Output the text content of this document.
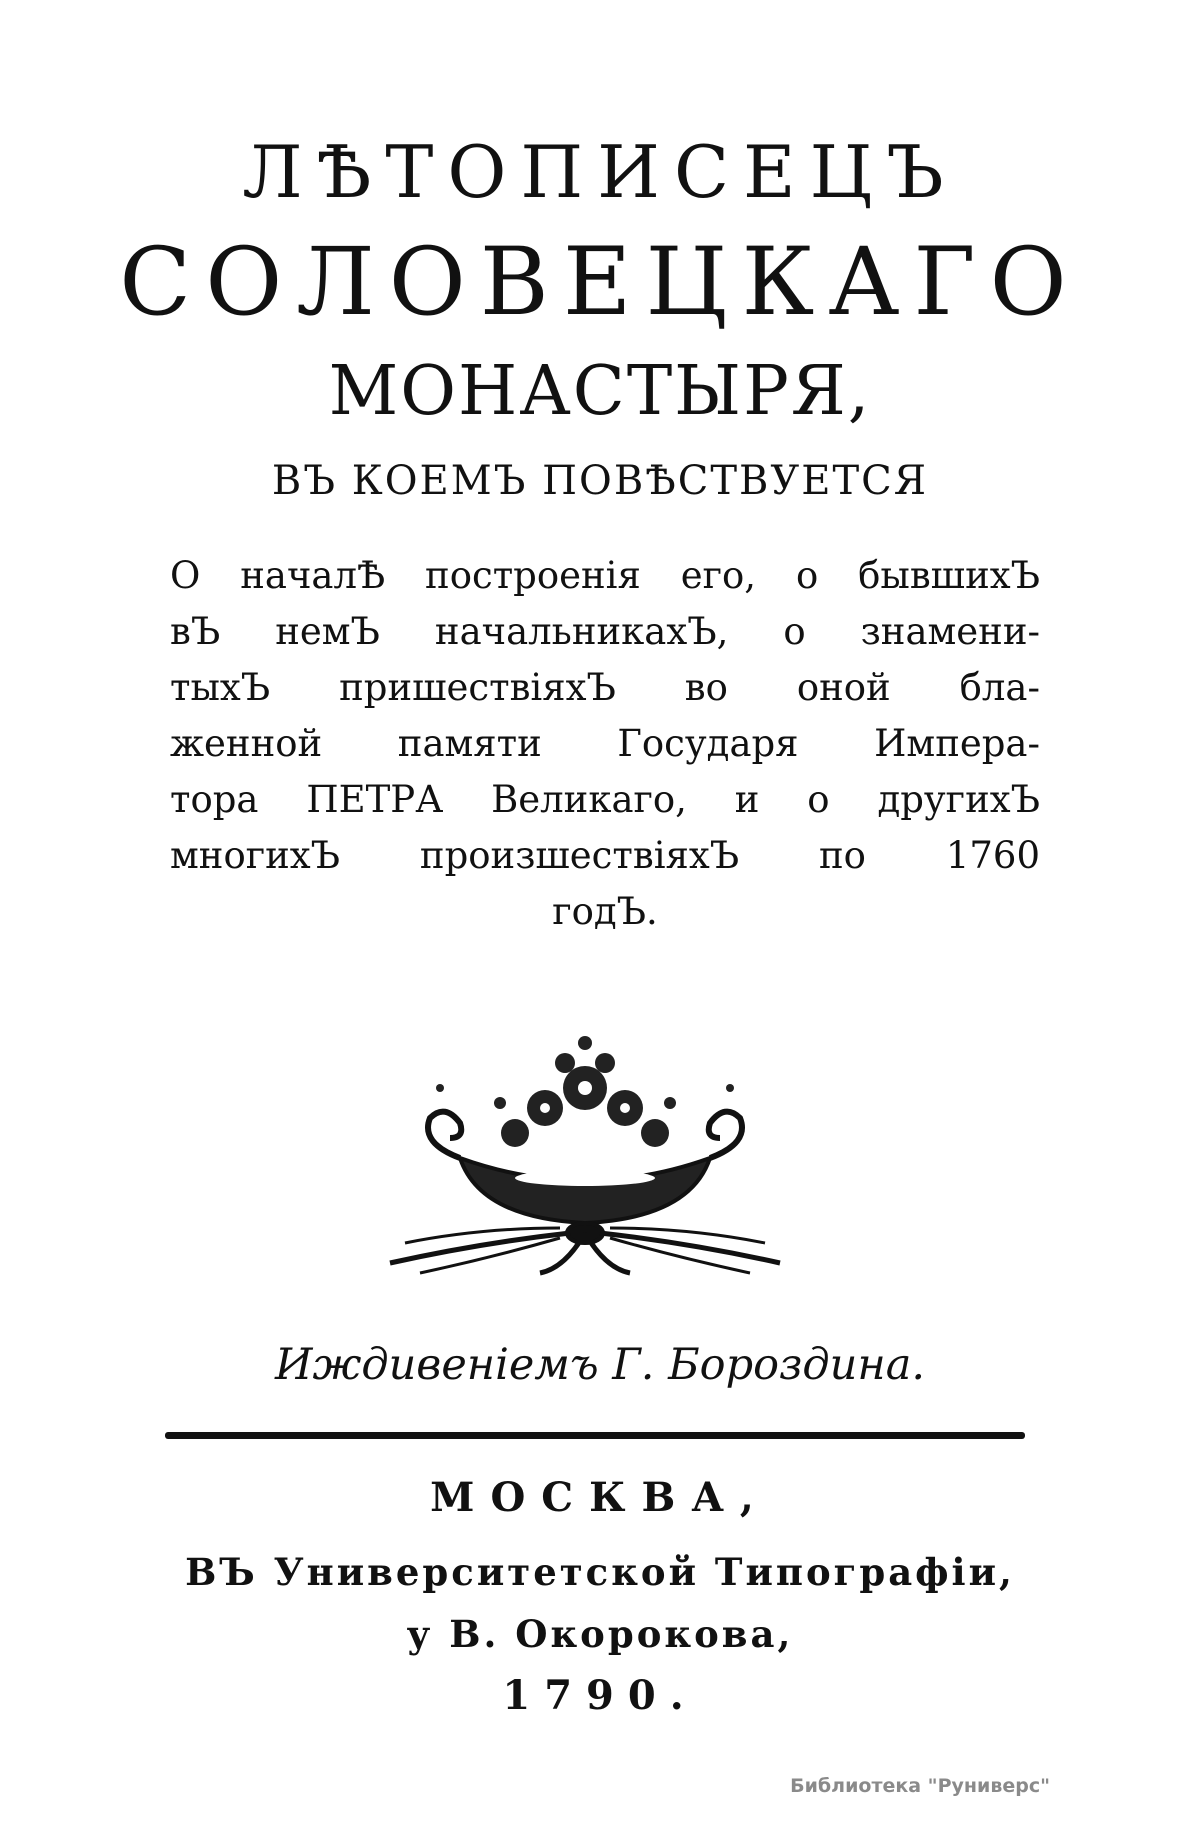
ЛѢТОПИСЕЦЪ
СОЛОВЕЦКАГО
МОНАСТЫРЯ,
ВЪ КОЕМЪ ПОВѢСТВУЕТСЯ
О началѢ построенія его, о бывшихЪ
вЪ немЪ начальникахЪ, о знамени-
тыхЪ пришествіяхЪ во оной бла-
женной памяти Государя Импера-
тора ПЕТРА Великаго, и о другихЪ
многихЪ произшествіяхЪ по 1760
годЪ.
Иждивеніемъ Г. Бороздина.
МОСКВА,
ВЪ Университетской Типографіи,
у В. Окорокова,
1790.
Библиотека "Руниверс"
